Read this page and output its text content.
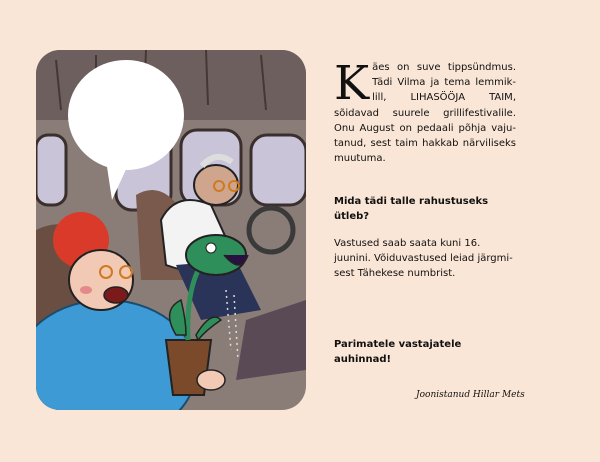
Käes on suve tippsündmus. Tädi Vilma ja tema lemmiklill, LIHASÖÖJA TAIM, sõidavad suurele grillifestivalile. Onu August on pedaali põhja vajutanud, sest taim hakkab närviliseks muutuma.

Mida tädi talle rahustuseks ütleb?

Vastused saab saata kuni 16. juunini. Võiduvastused leiad järgmisest Tähekese numbrist.

Parimatele vastajatele auhinnad!

Joonistanud Hillar Mets
